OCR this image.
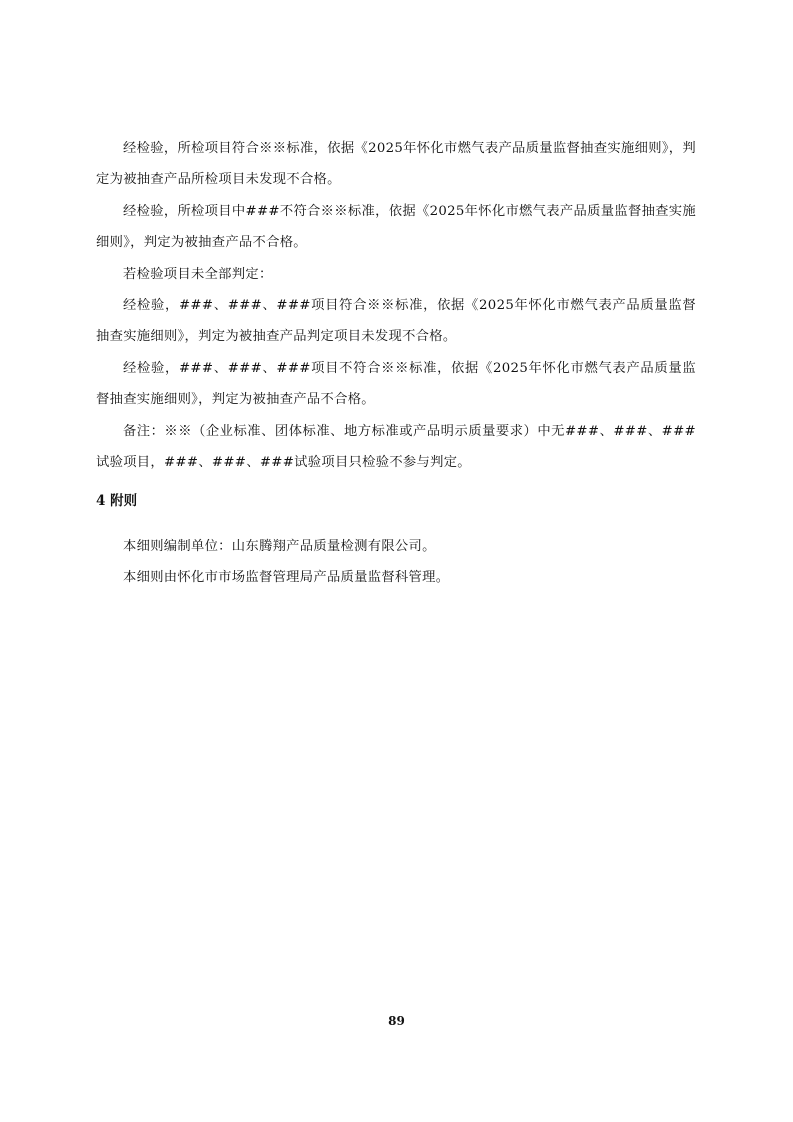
经检验，所检项目符合※※标准，依据《2025年怀化市燃气表产品质量监督抽查实施细则》，判定为被抽查产品所检项目未发现不合格。

经检验，所检项目中###不符合※※标准，依据《2025年怀化市燃气表产品质量监督抽查实施细则》，判定为被抽查产品不合格。

若检验项目未全部判定：

经检验，###、###、###项目符合※※标准，依据《2025年怀化市燃气表产品质量监督抽查实施细则》，判定为被抽查产品判定项目未发现不合格。

经检验，###、###、###项目不符合※※标准，依据《2025年怀化市燃气表产品质量监督抽查实施细则》，判定为被抽查产品不合格。

备注：※※（企业标准、团体标准、地方标准或产品明示质量要求）中无###、###、###试验项目，###、###、###试验项目只检验不参与判定。

4 附则

本细则编制单位：山东腾翔产品质量检测有限公司。

本细则由怀化市市场监督管理局产品质量监督科管理。

89
